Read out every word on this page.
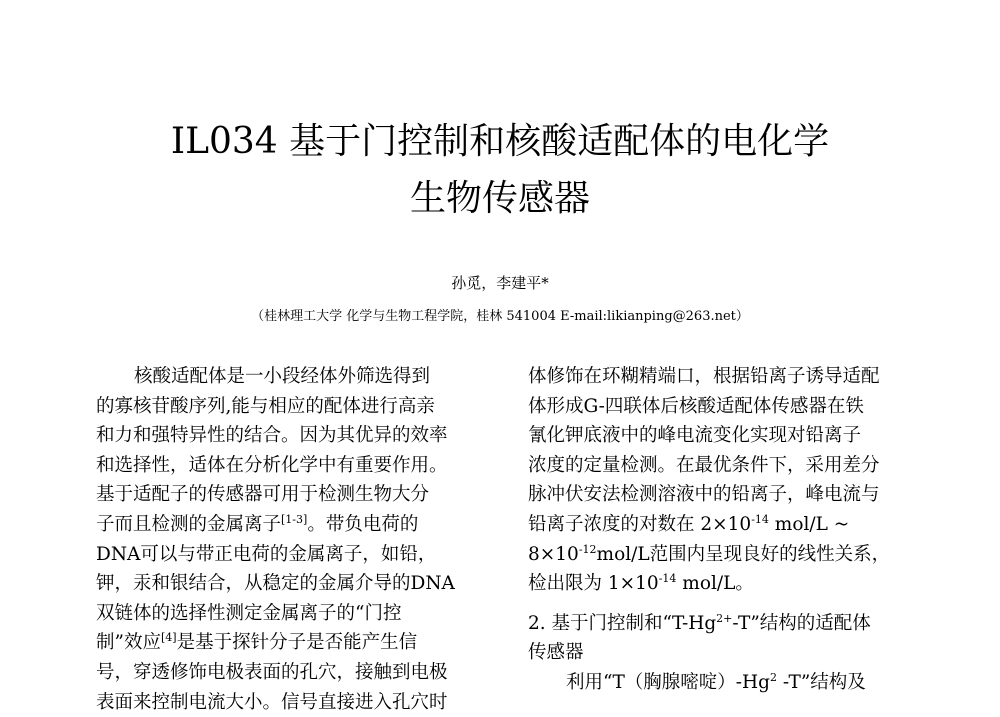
IL034 基于门控制和核酸适配体的电化学
生物传感器
孙觅，李建平*
（桂林理工大学 化学与生物工程学院，桂林 541004 E-mail:likianping@263.net）
核酸适配体是一小段经体外筛选得到
的寡核苷酸序列,能与相应的配体进行高亲
和力和强特异性的结合。因为其优异的效率
和选择性，适体在分析化学中有重要作用。
基于适配子的传感器可用于检测生物大分
子而且检测的金属离子[1-3]。带负电荷的
DNA可以与带正电荷的金属离子，如铅，
钾，汞和银结合，从稳定的金属介导的DNA
双链体的选择性测定金属离子的“门控
制”效应[4]是基于探针分子是否能产生信
号，穿透修饰电极表面的孔穴，接触到电极
表面来控制电流大小。信号直接进入孔穴时
体修饰在环糊精端口，根据铅离子诱导适配
体形成G-四联体后核酸适配体传感器在铁
氰化钾底液中的峰电流变化实现对铅离子
浓度的定量检测。在最优条件下，采用差分
脉冲伏安法检测溶液中的铅离子，峰电流与
铅离子浓度的对数在 $2\times 10^{-14}$ mol/L ~
$8\times 10^{-12}mol/L$范围内呈现良好的线性关系，
检出限为 $1\times 10^{-14}$ mol/L。
2. 基于门控制和“$T-Hg^{2+}-T$”结构的适配体
传感器
利用“T（胸腺嘧啶）-Hg$^2$ -T”结构及
